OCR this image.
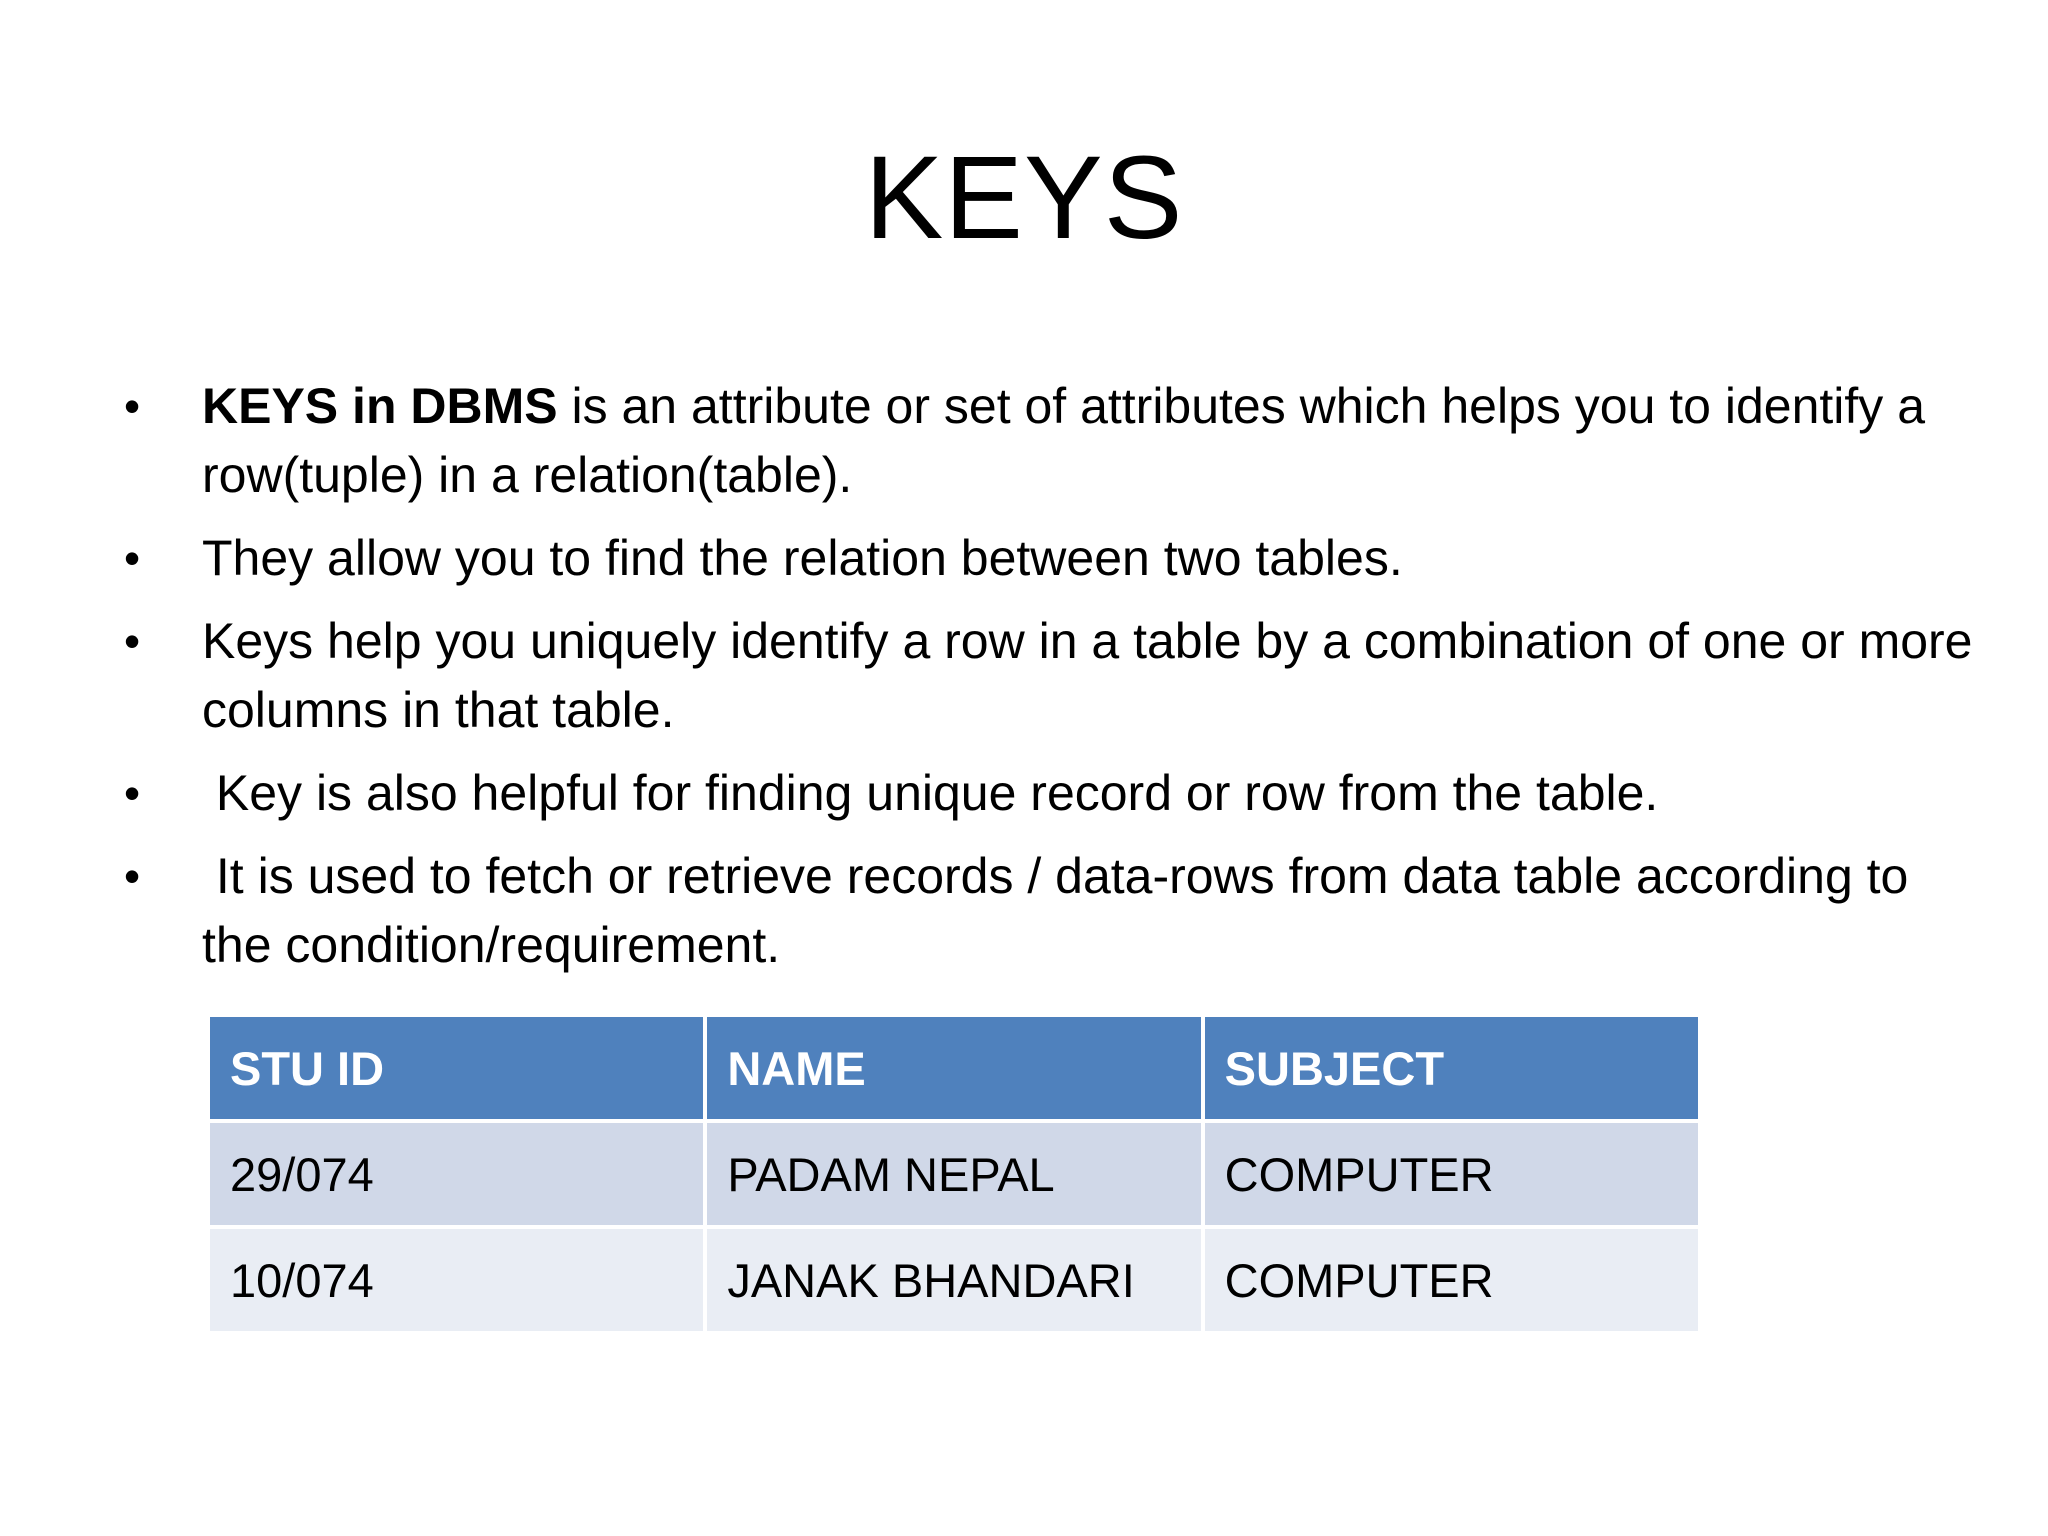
KEYS
• KEYS in DBMS is an attribute or set of attributes which helps you to identify a row(tuple) in a relation(table).
• They allow you to find the relation between two tables.
• Keys help you uniquely identify a row in a table by a combination of one or more columns in that table.
• Key is also helpful for finding unique record or row from the table.
• It is used to fetch or retrieve records / data-rows from data table according to the condition/requirement.
STU ID	NAME	SUBJECT
29/074	PADAM NEPAL	COMPUTER
10/074	JANAK BHANDARI	COMPUTER
